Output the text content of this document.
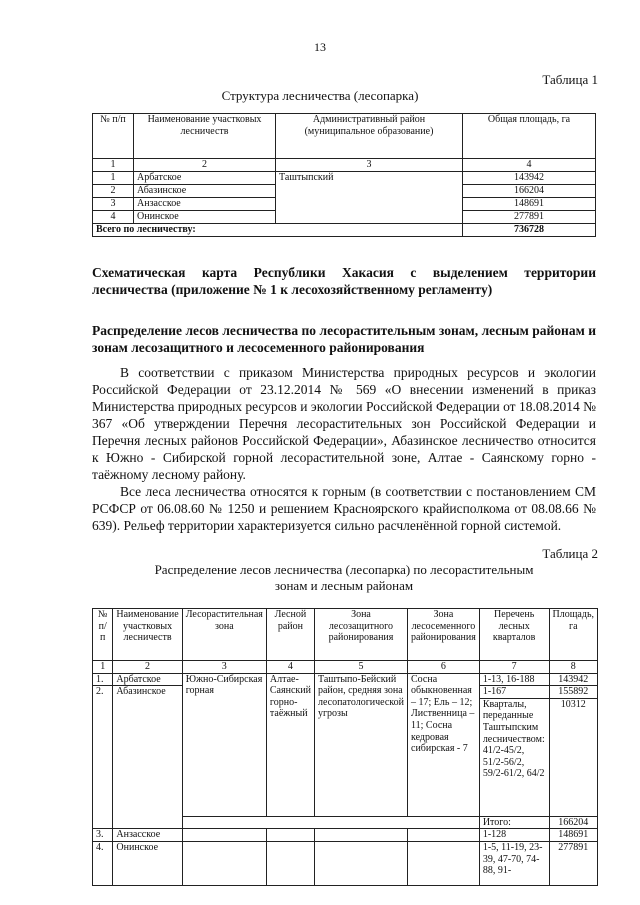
13
Таблица 1
Структура лесничества (лесопарка)
№ п/п	Наименование участковых лесничеств	Административный район (муниципальное образование)	Общая площадь, га
1	2	3	4
1	Арбатское	Таштыпский	143942
2	Абазинское		166204
3	Анзасское		148691
4	Онинское		277891
Всего по лесничеству:			736728
Схематическая карта Республики Хакасия с выделением территории лесничества (приложение № 1 к лесохозяйственному регламенту)
Распределение лесов лесничества по лесорастительным зонам, лесным районам и зонам лесозащитного и лесосеменного районирования
В соответствии с приказом Министерства природных ресурсов и экологии Российской Федерации от 23.12.2014 № 569 «О внесении изменений в приказ Министерства природных ресурсов и экологии Российской Федерации от 18.08.2014 № 367 «Об утверждении Перечня лесорастительных зон Российской Федерации и Перечня лесных районов Российской Федерации», Абазинское лесничество относится к Южно - Сибирской горной лесорастительной зоне, Алтае - Саянскому горно - таёжному лесному району.
Все леса лесничества относятся к горным (в соответствии с постановлением СМ РСФСР от 06.08.60 № 1250 и решением Красноярского крайисполкома от 08.08.66 № 639). Рельеф территории характеризуется сильно расчленённой горной системой.
Таблица 2
Распределение лесов лесничества (лесопарка) по лесорастительным зонам и лесным районам
№ п/ п	Наименование участковых лесничеств	Лесорастительная зона	Лесной район	Зона лесозащитного районирования	Зона лесосеменного районирования	Перечень лесных кварталов	Площадь, га
1	2	3	4	5	6	7	8
1.	Арбатское	Южно-Сибирская горная	Алтае-Саянский горно-таёжный	Таштыпо-Бейский район, средняя зона лесопатологической угрозы	Сосна обыкновенная – 17; Ель – 12; Лиственница – 11; Сосна кедровая сибирская - 7	1-13, 16-188	143942
2.	Абазинское					1-167	155892
						Кварталы, переданные Таштыпским лесничеством: 41/2-45/2, 51/2-56/2, 59/2-61/2, 64/2	10312
						Итого:	166204
3.	Анзасское					1-128	148691
4.	Онинское					1-5, 11-19, 23-39, 47-70, 74-88, 91-	277891
